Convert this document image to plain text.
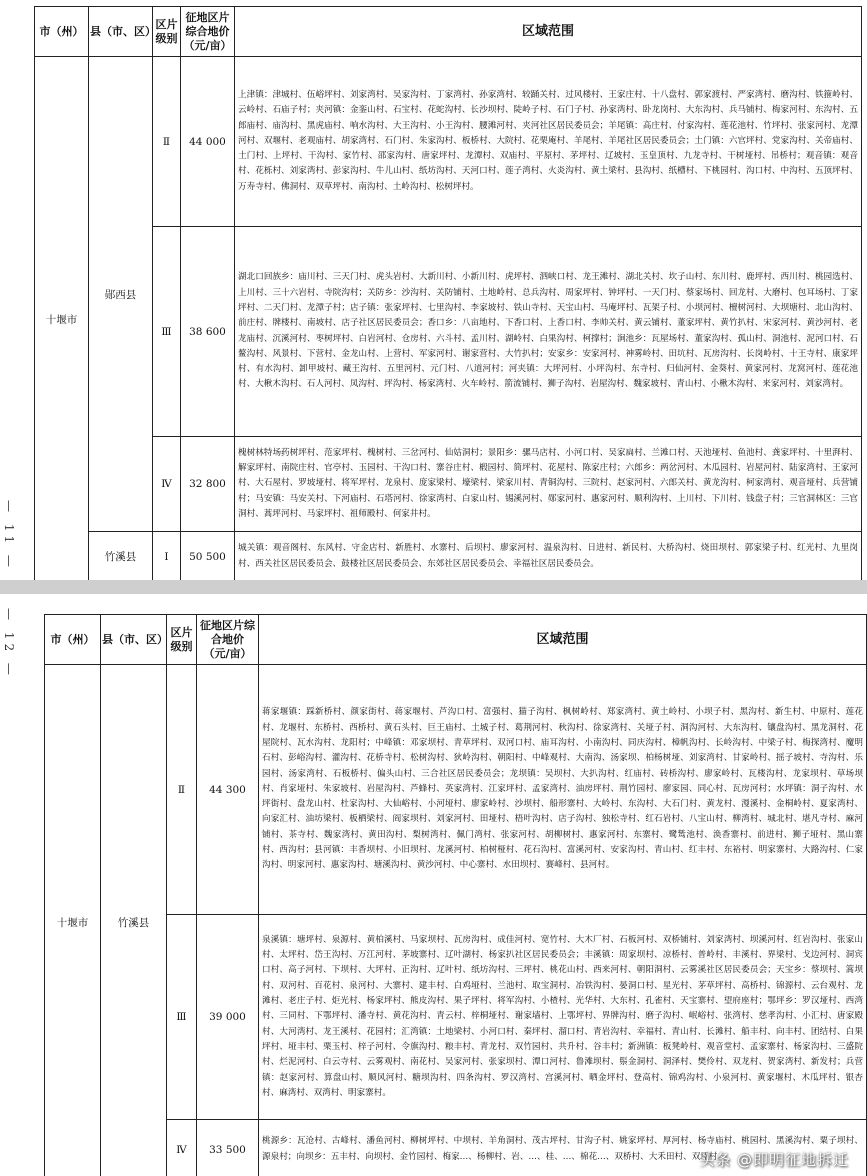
— 11 —
市（州）	县（市、区）	区片级别	征地区片综合地价（元/亩）	区域范围
十堰市	郧西县	Ⅱ	44 000	上津镇：津城村、伍峪坪村、刘家湾村、吴家沟村、丁家湾村、孙家湾村、较踊关村、过风楼村、王家庄村、十八盘村、郭家渡村、严家湾村、磨沟村、铁箍岭村、云岭村、石庙子村；夹河镇：金銮山村、石宝村、花蛇沟村、长沙坝村、陡岭子村、石门子村、孙家湾村、卧龙岗村、大东沟村、兵马铺村、梅家河村、东沟村、五郎庙村、庙沟村、黑虎庙村、响水沟村、大王沟村、小王沟村、腰滩河村、夹河社区居民委员会；羊尾镇：高庄村、付家沟村、莲花池村、竹坪村、张家河村、龙潭河村、双堰村、老观庙村、胡家湾村、石门村、朱家沟村、板桥村、大院村、花栗庵村、羊尾村、羊尾社区居民委员会；土门镇：六官坪村、党家沟村、关帝庙村、土门村、上坪村、干沟村、家竹村、邵家沟村、唐家坪村、龙潭村、双庙村、平原村、茅坪村、辽坡村、玉皇顶村、九龙寺村、干树垭村、吊桥村；观音镇：观音村、花栎村、刘家湾村、彭家沟村、牛儿山村、纸坊沟村、天河口村、莲子湾村、火炎沟村、黄土梁村、县沟村、纸槽村、下桃园村、沟口村、中沟村、五顶坪村、万寿寺村、佛洞村、双草坪村、南沟村、土岭沟村、松树坪村。
		Ⅲ	38 600	湖北口回族乡：庙川村、三天门村、虎头岩村、大新川村、小新川村、虎坪村、泗峡口村、龙王滩村、湖北关村、坎子山村、东川村、鹿坪村、西川村、桃园选村、上川村、三十六岩村、寺院沟村；关防乡：沙沟村、关防铺村、土地岭村、总兵沟村、周家坪村、钟坪村、一天门村、蔡家场村、回龙村、大磨村、包耳场村、丁家坪村、二天门村、龙潭子村；店子镇：张家坪村、七里沟村、李家坡村、铁山寺村、天宝山村、马庵坪村、瓦架子村、小坝河村、檀树河村、大坝塘村、北山沟村、前庄村、牌楼村、南坡村、店子社区居民委员会；香口乡：八亩地村、下香口村、上香口村、李帅关村、黄云铺村、董家坪村、黄竹扒村、宋家河村、黄沙河村、老龙庙村、沉溪河村、枣树坪村、白岩河村、仓房村、六斗村、孟川村、湖岭村、白果沟村、柯撑村；涧池乡：瓦屋场村、董家沟村、孤山村、洞池村、泥河口村、石鳌沟村、风景村、下营村、金龙山村、上营村、军家河村、谢家营村、大竹扒村；安家乡：安家河村、神雾岭村、田坑村、瓦房沟村、长岗岭村、十王寺村、康家坪村、有水沟村、卸甲坡村、藏王沟村、五里河村、元门村、八道河村；河夹镇：大坪河村、小坪沟村、东寺村、归仙河村、金葵村、黄家河村、龙窝河村、莲花池村、大楸木沟村、石人河村、凤沟村、坪沟村、杨家湾村、火车岭村、箭流铺村、狮子沟村、岩屋沟村、魏家坡村、青山村、小楸木沟村、来家河村、刘家湾村。
		Ⅳ	32 800	槐树林特场药树坪村、范家坪村、槐树村、三岔河村、仙姑洞村；景阳乡：骡马店村、小河口村、吴家扁村、兰滩口村、天池垭村、鱼池村、龚家坪村、十里湃村、解家坪村、南院庄村、官亭村、玉园村、干沟口村、寨谷庄村、椴园村、简坪村、花屋村、陈家庄村；六郎乡：两岔河村、木瓜园村、岩屋河村、陆家湾村、王家河村、大石屋村、罗坡垭村、将军坪村、龙泉村、庞家梁村、壕梁村、梁家川村、青铜沟村、三院村、赵家河村、六郎关村、黄龙沟村、柯家湾村、观音垭村、兵营铺村；马安镇：马安关村、下河庙村、石塔河村、徐家湾村、白家山村、锡溪河村、郧家河村、惠家河村、顺利沟村、上川村、下川村、钱盘子村；三官洞林区：三官洞村、蒿坪河村、马家坪村、祖师殿村、何家井村。
	竹溪县	Ⅰ	50 500	城关镇：观音阁村、东风村、守金店村、新胜村、水寨村、后坝村、廖家河村、温泉沟村、日进村、新民村、大桥沟村、烧田坝村、郭家梁子村、红光村、九里岗村、西关社区居民委员会、鼓楼社区居民委员会、东郊社区居民委员会、幸福社区居民委员会。
— 12 —	市（州）	县（市、区）	区片级别	征地区片综合地价（元/亩）	区域范围
十堰市	竹溪县	Ⅱ	44 300	蒋家堰镇：踩新桥村、颜家街村、蒋家堰村、芦沟口村、富强村、猫子沟村、枫树岭村、郑家湾村、黄土岭村、小坝子村、黑沟村、新生村、中原村、莲花村、龙堰村、东桥村、西桥村、黄石头村、巨王庙村、土城子村、葛荆河村、秋沟村、徐家湾村、关垭子村、洞沟河村、大东沟村、镶盘沟村、黑龙洞村、花屋院村、瓦水沟村、龙阳村；中峰镇：邓家坝村、青草坪村、双河口村、庙耳沟村、小南沟村、同庆沟村、樟帆沟村、长岭沟村、中梁子村、梅探湾村、魔明石村、彭峪沟村、灌沟村、花桥寺村、松树沟村、狄岭沟村、朝阳村、中峰观村、大南沟、汤家坝、柏杨树垭、刘家湾村、甘家岭村、摇子坡村、寺沟村、乐园村、汤家湾村、石板桥村、偏头山村、三合社区居民委员会；龙坝镇：吴坝村、大扒沟村、红庙村、砖桥沟村、廖家岭村、瓦楼沟村、龙家坝村、草场坝村、肖家垭村、朱家坡村、岩屋沟村、芦蜂村、英家湾村、江家坪村、孟家湾村、油房坪村、荆竹园村、廖家园、同心村、瓦房河村；水坪镇：洞子沟村、水坪街村、盘龙山村、杜家沟村、大仙峪村、小河垭村、廖家岭村、沙坝村、船形寨村、大岭村、东沟村、大石门村、黄龙村、漫溪村、金桐岭村、夏家湾村、向家汇村、油坊梁村、板栖梁村、阎家坝村、刘家河村、田垭村、梧叶沟村、店子沟村、独松寺村、红石岩村、八宝山村、柳湾村、城北村、堪凡寺村、麻河铺村、茶寺村、魏家湾村、黄田沟村、梨树湾村、佩门湾村、张家河村、胡柳树村、惠家河村、东寨村、鹭鸶池村、涣香寨村、前进村、狮子垭村、黑山寨村、西沟村；县河镇：丰香坝村、小旧坝村、龙溪河村、柏树桠村、花石沟村、富溪河村、安家沟村、青山村、红丰村、东裕村、明家寨村、大路沟村、仁家沟村、明家河村、惠家沟村、塘溪沟村、黄沙河村、中心寨村、水田坝村、赛峰村、县河村。
		Ⅲ	39 000	泉溪镇：塘坪村、泉源村、黄柏溪村、马家坝村、瓦房沟村、成佳河村、宽竹村、大木厂村、石板河村、双桥铺村、刘家湾村、坝溪河村、红岩沟村、张家山村、太坪村、岱王沟村、万江河村、茅坡寨村、辽叶湖村、杨家扒社区居民委员会；丰溪镇：周家坝村、凉桥村、普岭村、丰溪村、界梁村、戈边河村、洞宾口村、高子河村、下坝村、大坪村、正沟村、辽叶村、纸坊沟村、三坪村、桃花山村、西来河村、朝阳洞村、云雾溪社区居民委员会；天宝乡：蔡坝村、篙坝村、双河村、百花村、泉河村、大寨村、建丰村、白鸡垭村、兰池村、取宝洞村、冶铁沟村、晏洞口村、星光村、茅草坪村、高桥村、锦源村、云台观村、龙滩村、老庄子村、炬光村、杨家坪村、熊皮沟村、果子坪村、将军沟村、小楂村、光华村、大东村、孔雀村、天宝寨村、望府座村；鄂坪乡：罗汉垭村、西湾村、三同村、下鄂坪村、潘寺村、黄花沟村、青云村、梓桐垭村、谢家墙村、上鄂坪村、界牌沟村、磨子沟村、岷峪村、张湾村、慈孝沟村、小汇村、唐家殿村、大河湾村、龙王溪村、花园村；汇湾镇：土地梁村、小河口村、秦坪村、溜口村、青岩沟村、幸福村、青山村、长滩村、船丰村、向丰村、团结村、白果坪村、垭丰村、栗玉村、梓子河村、令旗沟村、粮丰村、青龙村、双竹园村、共升村、谷丰村；新洲镇：板凳岭村、观音堂村、孟家寨村、杨家沟村、三盛院村、烂泥河村、白云寺村、云雾观村、南花村、吴家河村、张家坝村、潭口河村、鲁滩坝村、鬃金洞村、洞泽村、樊伶村、双龙村、贺家湾村、新发村；兵营镇：赵家河村、算盘山村、顺风河村、糖坝沟村、四条沟村、罗汉湾村、宫溪河村、晒金坪村、登高村、锦鸡沟村、小泉河村、黄家堰村、木瓜坪村、银杏村、麻湾村、双湾村、明家寨村。
		Ⅳ	33 500	桃源乡：瓦沧村、古峰村、潘鱼河村、柳树坪村、中坝村、羊角洞村、茂古坪村、甘沟子村、姚家坪村、厚河村、杨寺庙村、桃园村、黑溪沟村、粟子坝村、源泉村；向坝乡：五丰村、向坝村、金竹园村、梅家…、杨柳村、岩、…、桂、…、棉花…、双桥村、大禾田村、双坪村。
头条 @即明征地拆迁
